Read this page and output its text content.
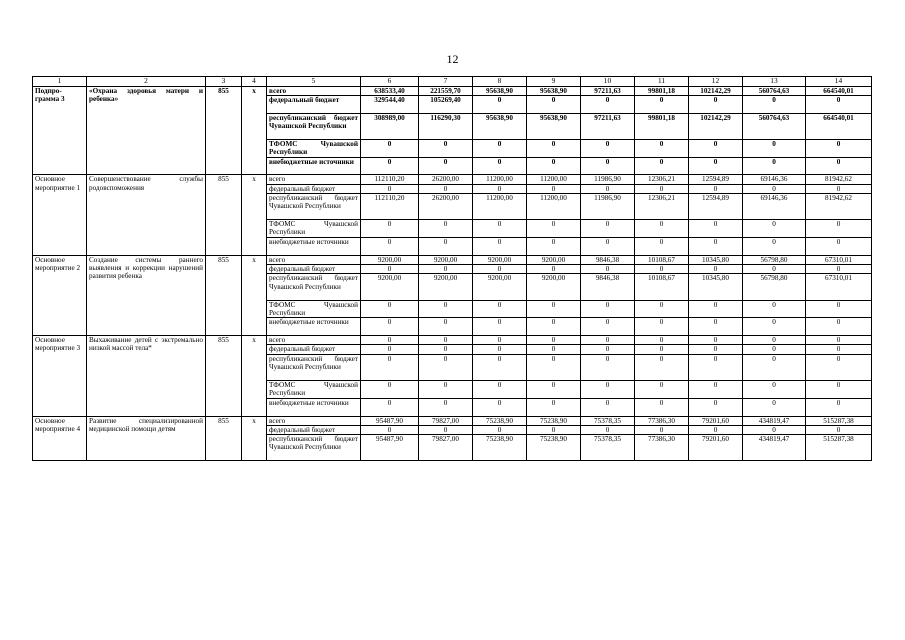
12
1	2	3	4	5	6	7	8	9	10	11	12	13	14
Подпро-грамма 3	«Охрана здоровья матери и ребенка»	855	х	всего	638533,40	221559,70	95638,90	95638,90	97211,63	99801,18	102142,29	560764,63	664540,01
				федеральный бюджет	329544,40	105269,40	0	0	0	0	0	0	0
				республиканский бюджет Чувашской Республики	308989,00	116290,30	95638,90	95638,90	97211,63	99801,18	102142,29	560764,63	664540,01
				ТФОМС Чувашской Республики	0	0	0	0	0	0	0	0	0
				внебюджетные источники	0	0	0	0	0	0	0	0	0
Основное мероприятие 1	Совершенствование службы родовспоможения	855	х	всего	112110,20	26200,00	11200,00	11200,00	11986,90	12306,21	12594,89	69146,36	81942,62
				федеральный бюджет	0	0	0	0	0	0	0	0	0
				республиканский бюджет Чувашской Республики	112110,20	26200,00	11200,00	11200,00	11986,90	12306,21	12594,89	69146,36	81942,62
				ТФОМС Чувашской Республики	0	0	0	0	0	0	0	0	0
				внебюджетные источники	0	0	0	0	0	0	0	0	0
Основное мероприятие 2	Создание системы раннего выявления и коррекции нарушений развития ребенка	855	х	всего	9200,00	9200,00	9200,00	9200,00	9846,38	10108,67	10345,80	56798,80	67310,01
				федеральный бюджет	0	0	0	0	0	0	0	0	0
				республиканский бюджет Чувашской Республики	9200,00	9200,00	9200,00	9200,00	9846,38	10108,67	10345,80	56798,80	67310,01
				ТФОМС Чувашской Республики	0	0	0	0	0	0	0	0	0
				внебюджетные источники	0	0	0	0	0	0	0	0	0
Основное мероприятие 3	Выхаживание детей с экстремально низкой массой тела*	855	х	всего	0	0	0	0	0	0	0	0	0
				федеральный бюджет	0	0	0	0	0	0	0	0	0
				республиканский бюджет Чувашской Республики	0	0	0	0	0	0	0	0	0
				ТФОМС Чувашской Республики	0	0	0	0	0	0	0	0	0
				внебюджетные источники	0	0	0	0	0	0	0	0	0
Основное мероприятие 4	Развитие специализированной медицинской помощи детям	855	х	всего	95487,90	79827,00	75238,90	75238,90	75378,35	77386,30	79201,60	434819,47	515287,38
				федеральный бюджет	0	0	0	0	0	0	0	0	0
				республиканский бюджет Чувашской Республики	95487,90	79827,00	75238,90	75238,90	75378,35	77386,30	79201,60	434819,47	515287,38
